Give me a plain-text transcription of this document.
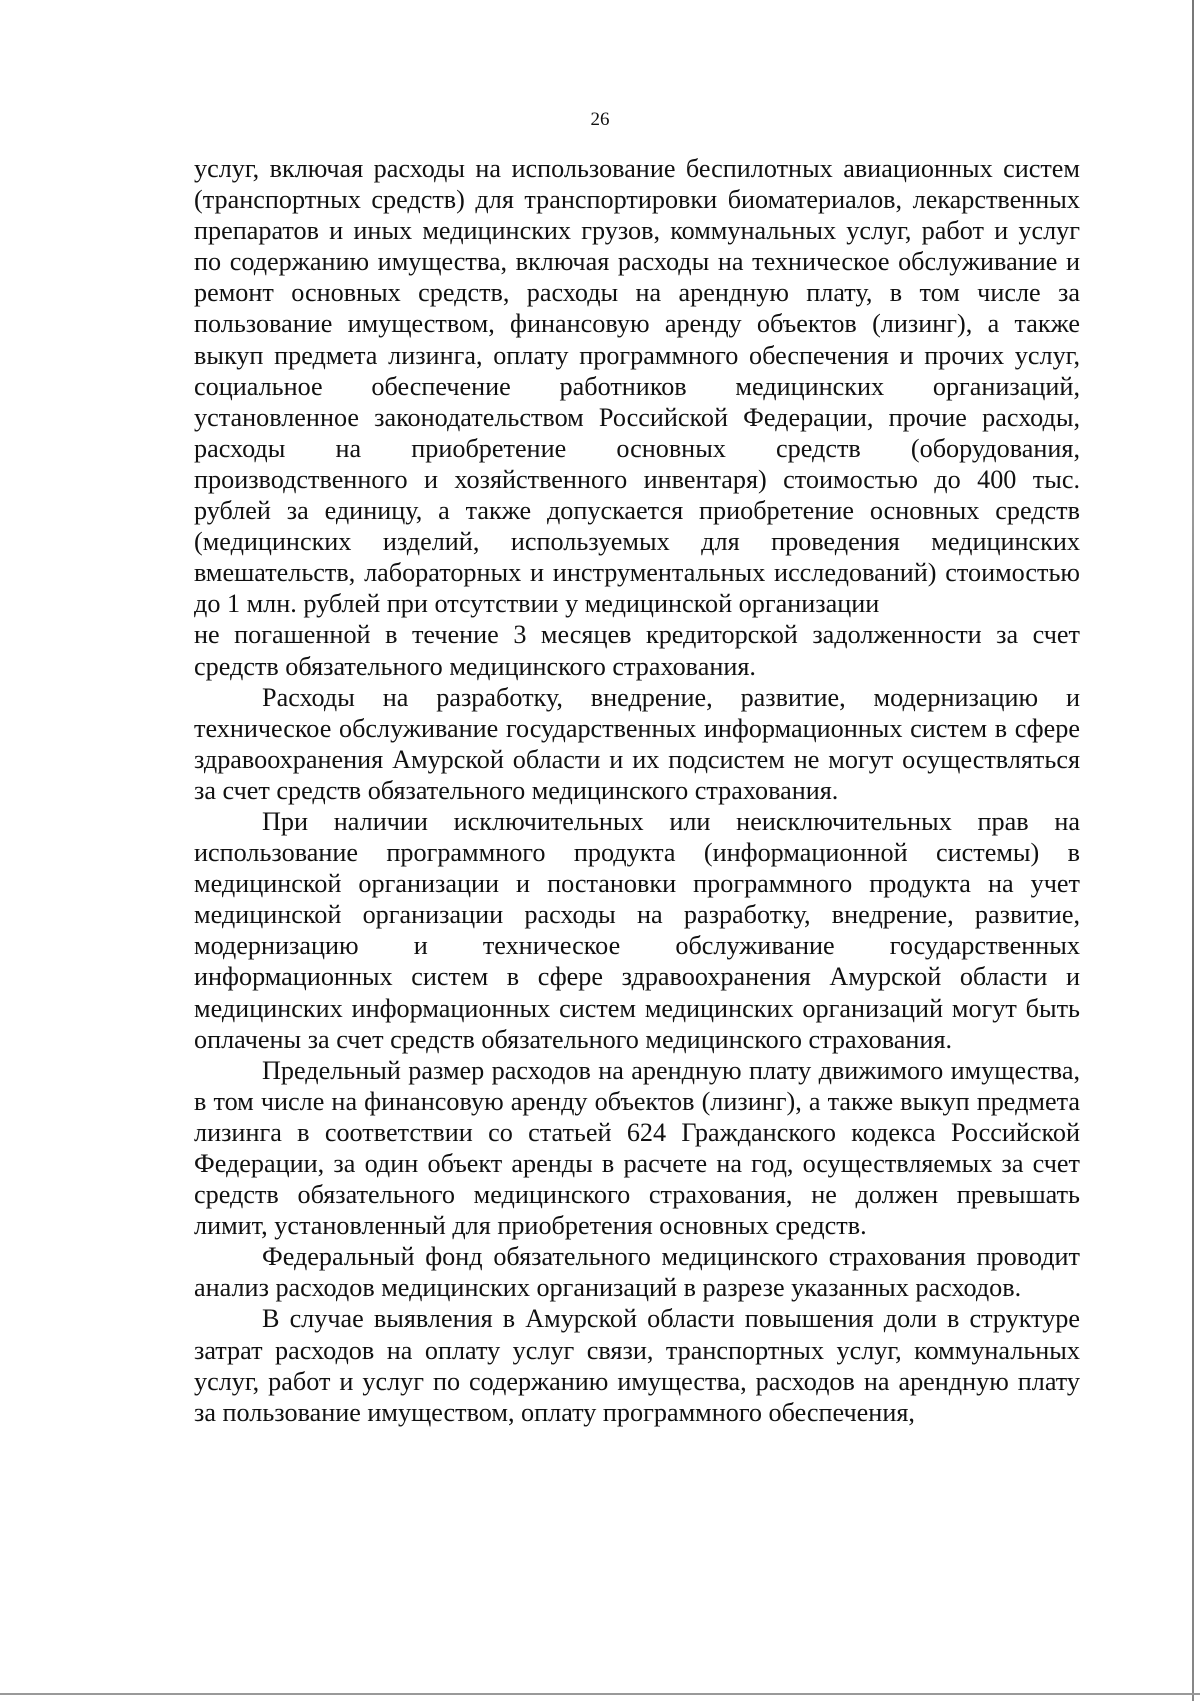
26

услуг, включая расходы на использование беспилотных авиационных систем (транспортных средств) для транспортировки биоматериалов, лекарственных препаратов и иных медицинских грузов, коммунальных услуг, работ и услуг по содержанию имущества, включая расходы на техническое обслуживание и ремонт основных средств, расходы на арендную плату, в том числе за пользование имуществом, финансовую аренду объектов (лизинг), а также выкуп предмета лизинга, оплату программного обеспечения и прочих услуг, социальное обеспечение работников медицинских организаций, установленное законодательством Российской Федерации, прочие расходы, расходы на приобретение основных средств (оборудования, производственного и хозяйственного инвентаря) стоимостью до 400 тыс. рублей за единицу, а также допускается приобретение основных средств (медицинских изделий, используемых для проведения медицинских вмешательств, лабораторных и инструментальных исследований) стоимостью до 1 млн. рублей при отсутствии у медицинской организации

не погашенной в течение 3 месяцев кредиторской задолженности за счет средств обязательного медицинского страхования.

Расходы на разработку, внедрение, развитие, модернизацию и техническое обслуживание государственных информационных систем в сфере здравоохранения Амурской области и их подсистем не могут осуществляться за счет средств обязательного медицинского страхования.

При наличии исключительных или неисключительных прав на использование программного продукта (информационной системы) в медицинской организации и постановки программного продукта на учет медицинской организации расходы на разработку, внедрение, развитие, модернизацию и техническое обслуживание государственных информационных систем в сфере здравоохранения Амурской области и медицинских информационных систем медицинских организаций могут быть оплачены за счет средств обязательного медицинского страхования.

Предельный размер расходов на арендную плату движимого имущества, в том числе на финансовую аренду объектов (лизинг), а также выкуп предмета лизинга в соответствии со статьей 624 Гражданского кодекса Российской Федерации, за один объект аренды в расчете на год, осуществляемых за счет средств обязательного медицинского страхования, не должен превышать лимит, установленный для приобретения основных средств.

Федеральный фонд обязательного медицинского страхования проводит анализ расходов медицинских организаций в разрезе указанных расходов.

В случае выявления в Амурской области повышения доли в структуре затрат расходов на оплату услуг связи, транспортных услуг, коммунальных услуг, работ и услуг по содержанию имущества, расходов на арендную плату за пользование имуществом, оплату программного обеспечения,
